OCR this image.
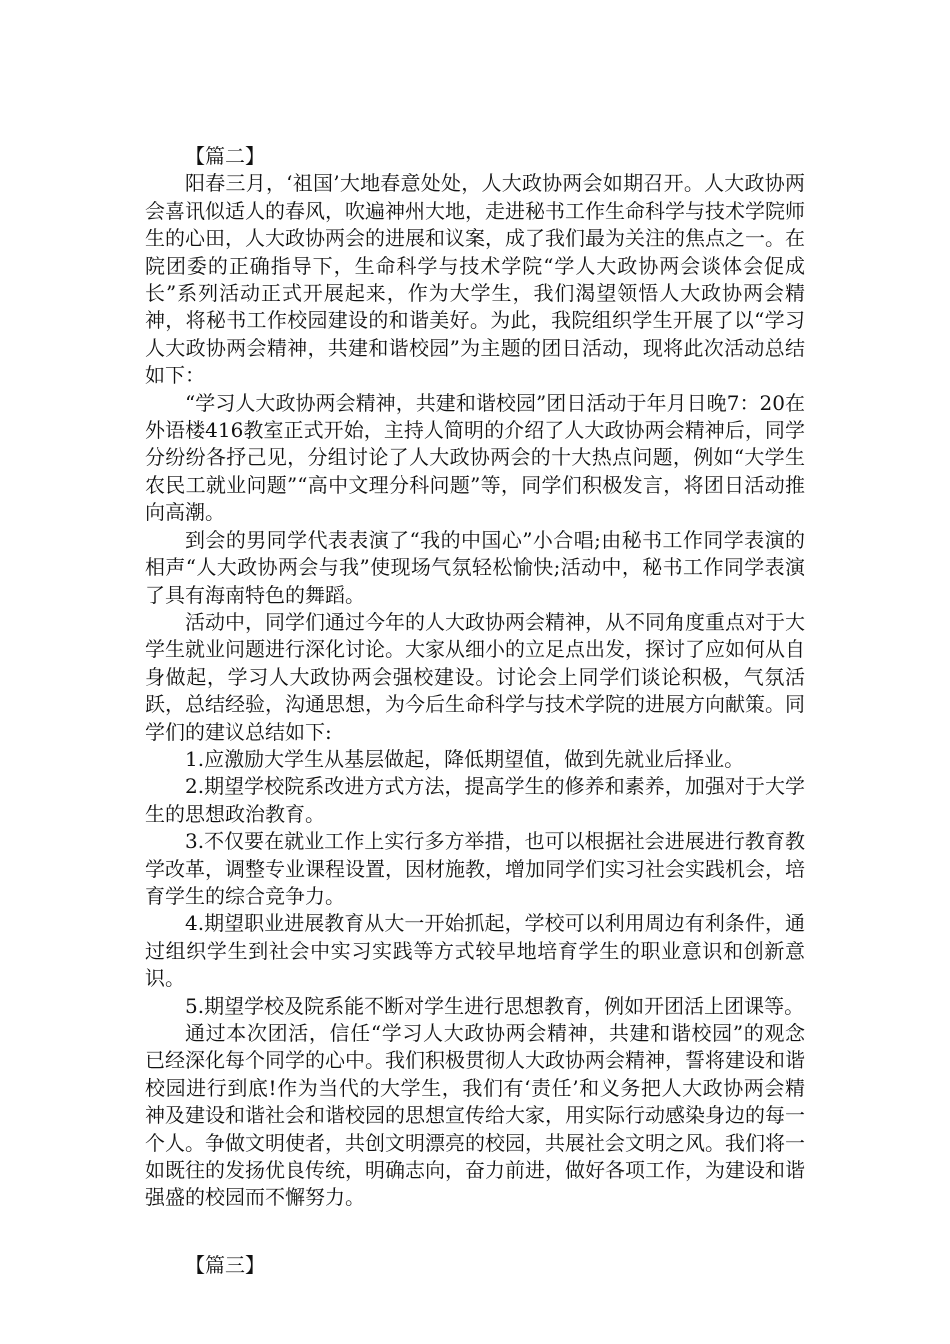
【篇二】

阳春三月，‘祖国’大地春意处处，人大政协两会如期召开。人大政协两会喜讯似适人的春风，吹遍神州大地，走进秘书工作生命科学与技术学院师生的心田，人大政协两会的进展和议案，成了我们最为关注的焦点之一。在院团委的正确指导下，生命科学与技术学院“学人大政协两会谈体会促成长”系列活动正式开展起来，作为大学生，我们渴望领悟人大政协两会精神，将秘书工作校园建设的和谐美好。为此，我院组织学生开展了以“学习人大政协两会精神，共建和谐校园”为主题的团日活动，现将此次活动总结如下：

“学习人大政协两会精神，共建和谐校园”团日活动于年月日晚7：20在外语楼416教室正式开始，主持人简明的介绍了人大政协两会精神后，同学分纷纷各抒己见，分组讨论了人大政协两会的十大热点问题，例如“大学生农民工就业问题”“高中文理分科问题”等，同学们积极发言，将团日活动推向高潮。

到会的男同学代表表演了“我的中国心”小合唱;由秘书工作同学表演的相声“人大政协两会与我”使现场气氛轻松愉快;活动中，秘书工作同学表演了具有海南特色的舞蹈。

活动中，同学们通过今年的人大政协两会精神，从不同角度重点对于大学生就业问题进行深化讨论。大家从细小的立足点出发，探讨了应如何从自身做起，学习人大政协两会强校建设。讨论会上同学们谈论积极，气氛活跃，总结经验，沟通思想，为今后生命科学与技术学院的进展方向献策。同学们的建议总结如下:

1.应激励大学生从基层做起，降低期望值，做到先就业后择业。

2.期望学校院系改进方式方法，提高学生的修养和素养，加强对于大学生的思想政治教育。

3.不仅要在就业工作上实行多方举措，也可以根据社会进展进行教育教学改革，调整专业课程设置，因材施教，增加同学们实习社会实践机会，培育学生的综合竞争力。

4.期望职业进展教育从大一开始抓起，学校可以利用周边有利条件，通过组织学生到社会中实习实践等方式较早地培育学生的职业意识和创新意识。

5.期望学校及院系能不断对学生进行思想教育，例如开团活上团课等。

通过本次团活，信任“学习人大政协两会精神，共建和谐校园”的观念已经深化每个同学的心中。我们积极贯彻人大政协两会精神，誓将建设和谐校园进行到底!作为当代的大学生，我们有‘责任’和义务把人大政协两会精神及建设和谐社会和谐校园的思想宣传给大家，用实际行动感染身边的每一个人。争做文明使者，共创文明漂亮的校园，共展社会文明之风。我们将一如既往的发扬优良传统，明确志向，奋力前进，做好各项工作，为建设和谐强盛的校园而不懈努力。

【篇三】
